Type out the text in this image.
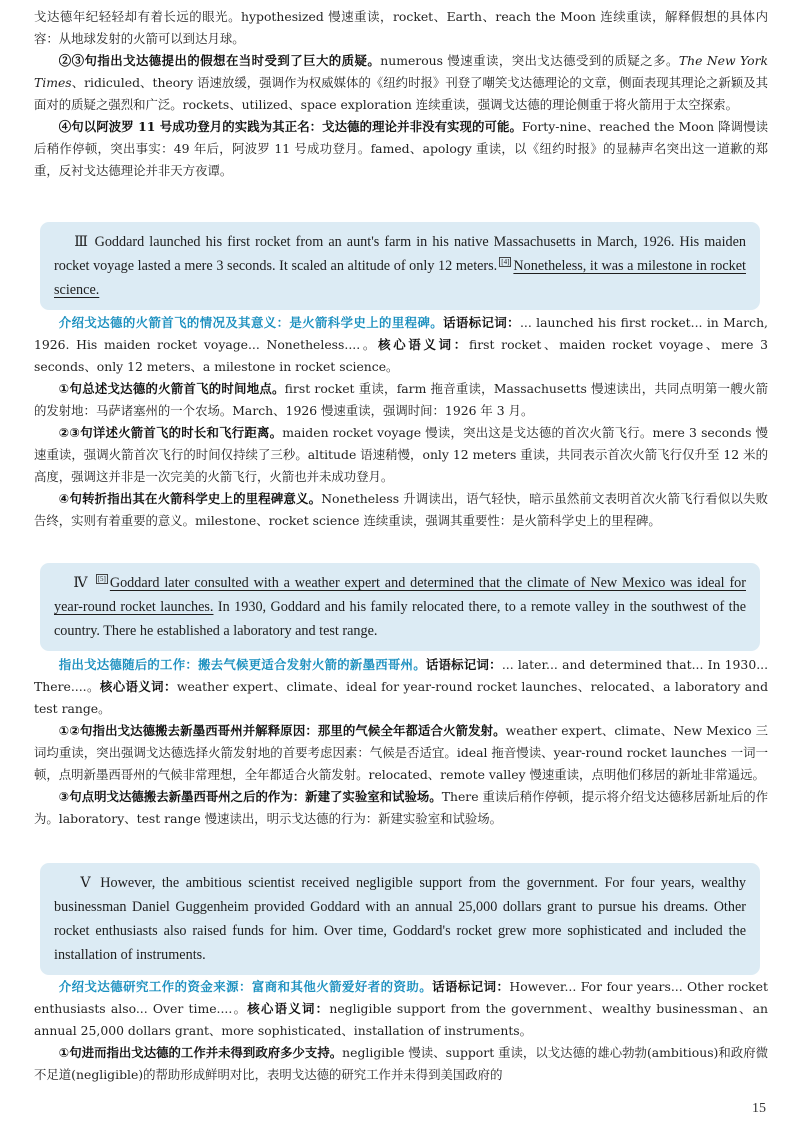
戈达德年纪轻轻却有着长远的眼光。hypothesized 慢速重读，rocket、Earth、reach the Moon 连续重读，解释假想的具体内容：从地球发射的火箭可以到达月球。

②③句指出戈达德提出的假想在当时受到了巨大的质疑。numerous 慢速重读，突出戈达德受到的质疑之多。The New York Times、ridiculed、theory 语速放缓，强调作为权威媒体的《纽约时报》刊登了嘲笑戈达德理论的文章，侧面表现其理论之新颖及其面对的质疑之强烈和广泛。rockets、utilized、space exploration 连续重读，强调戈达德的理论侧重于将火箭用于太空探索。

④句以阿波罗 11 号成功登月的实践为其正名：戈达德的理论并非没有实现的可能。Forty-nine、reached the Moon 降调慢读后稍作停顿，突出事实：49 年后，阿波罗 11 号成功登月。famed、apology 重读，以《纽约时报》的显赫声名突出这一道歉的郑重，反衬戈达德理论并非天方夜谭。

Ⅲ Goddard launched his first rocket from an aunt's farm in his native Massachusetts in March, 1926. His maiden rocket voyage lasted a mere 3 seconds. It scaled an altitude of only 12 meters. [4] Nonetheless, it was a milestone in rocket science.

介绍戈达德的火箭首飞的情况及其意义：是火箭科学史上的里程碑。话语标记词：... launched his first rocket... in March, 1926. His maiden rocket voyage... Nonetheless....。核心语义词：first rocket、maiden rocket voyage、mere 3 seconds、only 12 meters、a milestone in rocket science。

①句总述戈达德的火箭首飞的时间地点。first rocket 重读，farm 拖音重读，Massachusetts 慢速读出，共同点明第一艘火箭的发射地：马萨诸塞州的一个农场。March、1926 慢速重读，强调时间：1926 年 3 月。

②③句详述火箭首飞的时长和飞行距离。maiden rocket voyage 慢读，突出这是戈达德的首次火箭飞行。mere 3 seconds 慢速重读，强调火箭首次飞行的时间仅持续了三秒。altitude 语速稍慢，only 12 meters 重读，共同表示首次火箭飞行仅升至 12 米的高度，强调这并非是一次完美的火箭飞行，火箭也并未成功登月。

④句转折指出其在火箭科学史上的里程碑意义。Nonetheless 升调读出，语气轻快，暗示虽然前文表明首次火箭飞行看似以失败告终，实则有着重要的意义。milestone、rocket science 连续重读，强调其重要性：是火箭科学史上的里程碑。

Ⅳ [5] Goddard later consulted with a weather expert and determined that the climate of New Mexico was ideal for year-round rocket launches. In 1930, Goddard and his family relocated there, to a remote valley in the southwest of the country. There he established a laboratory and test range.

指出戈达德随后的工作：搬去气候更适合发射火箭的新墨西哥州。话语标记词：... later... and determined that... In 1930... There....。核心语义词：weather expert、climate、ideal for year-round rocket launches、relocated、a laboratory and test range。

①②句指出戈达德搬去新墨西哥州并解释原因：那里的气候全年都适合火箭发射。weather expert、climate、New Mexico 三词均重读，突出强调戈达德选择火箭发射地的首要考虑因素：气候是否适宜。ideal 拖音慢读、year-round rocket launches 一词一顿，点明新墨西哥州的气候非常理想，全年都适合火箭发射。relocated、remote valley 慢速重读，点明他们移居的新址非常遥远。

③句点明戈达德搬去新墨西哥州之后的作为：新建了实验室和试验场。There 重读后稍作停顿，提示将介绍戈达德移居新址后的作为。laboratory、test range 慢速读出，明示戈达德的行为：新建实验室和试验场。

Ⅴ However, the ambitious scientist received negligible support from the government. For four years, wealthy businessman Daniel Guggenheim provided Goddard with an annual 25,000 dollars grant to pursue his dreams. Other rocket enthusiasts also raised funds for him. Over time, Goddard's rocket grew more sophisticated and included the installation of instruments.

介绍戈达德研究工作的资金来源：富商和其他火箭爱好者的资助。话语标记词：However... For four years... Other rocket enthusiasts also... Over time....。核心语义词：negligible support from the government、wealthy businessman、an annual 25,000 dollars grant、more sophisticated、installation of instruments。

①句进而指出戈达德的工作并未得到政府多少支持。negligible 慢读、support 重读，以戈达德的雄心勃勃(ambitious)和政府微不足道(negligible)的帮助形成鲜明对比，表明戈达德的研究工作并未得到美国政府的

15
